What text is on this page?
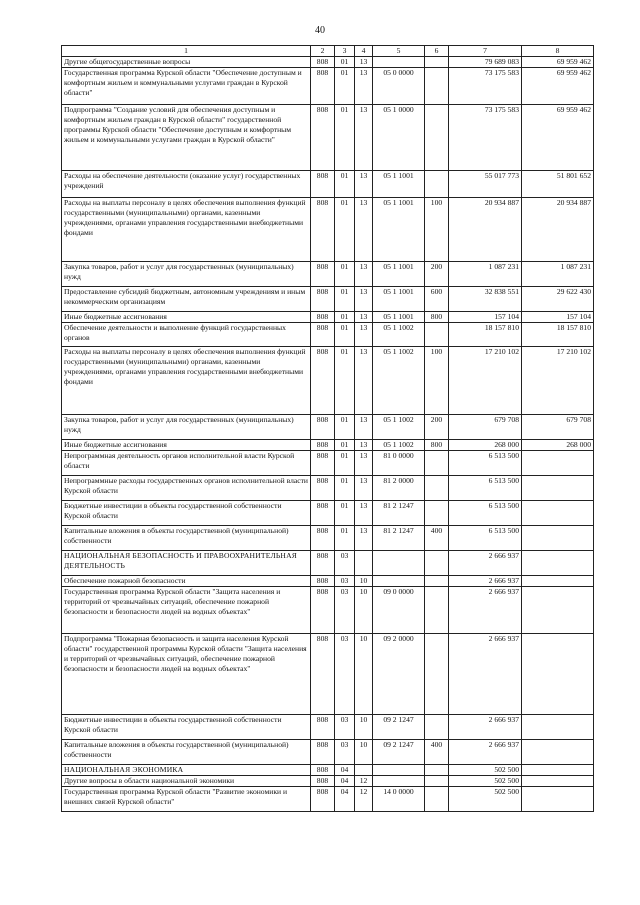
40
1	2	3	4	5	6	7	8
Другие общегосударственные вопросы	808	01	13			79 689 083	69 959 462
Государственная программа Курской области "Обеспечение доступным и комфортным жильем и коммунальными услугами граждан в Курской области"	808	01	13	05 0 0000		73 175 583	69 959 462
Подпрограмма "Создание условий для обеспечения доступным и комфортным жильем граждан в Курской области" государственной программы Курской области "Обеспечение доступным и комфортным жильем и коммунальными услугами граждан в Курской области"	808	01	13	05 1 0000		73 175 583	69 959 462
Расходы на обеспечение деятельности (оказание услуг) государственных учреждений	808	01	13	05 1 1001		55 017 773	51 801 652
Расходы на выплаты персоналу в целях обеспечения выполнения функций государственными (муниципальными) органами, казенными учреждениями, органами управления государственными внебюджетными фондами	808	01	13	05 1 1001	100	20 934 887	20 934 887
Закупка товаров, работ и услуг для государственных (муниципальных) нужд	808	01	13	05 1 1001	200	1 087 231	1 087 231
Предоставление субсидий бюджетным, автономным учреждениям и иным некоммерческим организациям	808	01	13	05 1 1001	600	32 838 551	29 622 430
Иные бюджетные ассигнования	808	01	13	05 1 1001	800	157 104	157 104
Обеспечение деятельности и выполнение функций государственных органов	808	01	13	05 1 1002		18 157 810	18 157 810
Расходы на выплаты персоналу в целях обеспечения выполнения функций государственными (муниципальными) органами, казенными учреждениями, органами управления государственными внебюджетными фондами	808	01	13	05 1 1002	100	17 210 102	17 210 102
Закупка товаров, работ и услуг для государственных (муниципальных) нужд	808	01	13	05 1 1002	200	679 708	679 708
Иные бюджетные ассигнования	808	01	13	05 1 1002	800	268 000	268 000
Непрограммная деятельность органов исполнительной власти Курской области	808	01	13	81 0 0000		6 513 500	
Непрограммные расходы государственных органов исполнительной власти Курской области	808	01	13	81 2 0000		6 513 500	
Бюджетные инвестиции в объекты государственной собственности Курской области	808	01	13	81 2 1247		6 513 500	
Капитальные вложения в объекты государственной (муниципальной) собственности	808	01	13	81 2 1247	400	6 513 500	
НАЦИОНАЛЬНАЯ БЕЗОПАСНОСТЬ И ПРАВООХРАНИТЕЛЬНАЯ ДЕЯТЕЛЬНОСТЬ	808	03				2 666 937	
Обеспечение пожарной безопасности	808	03	10			2 666 937	
Государственная программа Курской области "Защита населения и территорий от чрезвычайных ситуаций, обеспечение пожарной безопасности и безопасности людей на водных объектах"	808	03	10	09 0 0000		2 666 937	
Подпрограмма "Пожарная безопасность и защита населения Курской области" государственной программы Курской области "Защита населения и территорий от чрезвычайных ситуаций, обеспечение пожарной безопасности и безопасности людей на водных объектах"	808	03	10	09 2 0000		2 666 937	
Бюджетные инвестиции в объекты государственной собственности Курской области	808	03	10	09 2 1247		2 666 937	
Капитальные вложения в объекты государственной (муниципальной) собственности	808	03	10	09 2 1247	400	2 666 937	
НАЦИОНАЛЬНАЯ ЭКОНОМИКА	808	04				502 500	
Другие вопросы в области национальной экономики	808	04	12			502 500	
Государственная программа Курской области "Развитие экономики и внешних связей Курской области"	808	04	12	14 0 0000		502 500	
